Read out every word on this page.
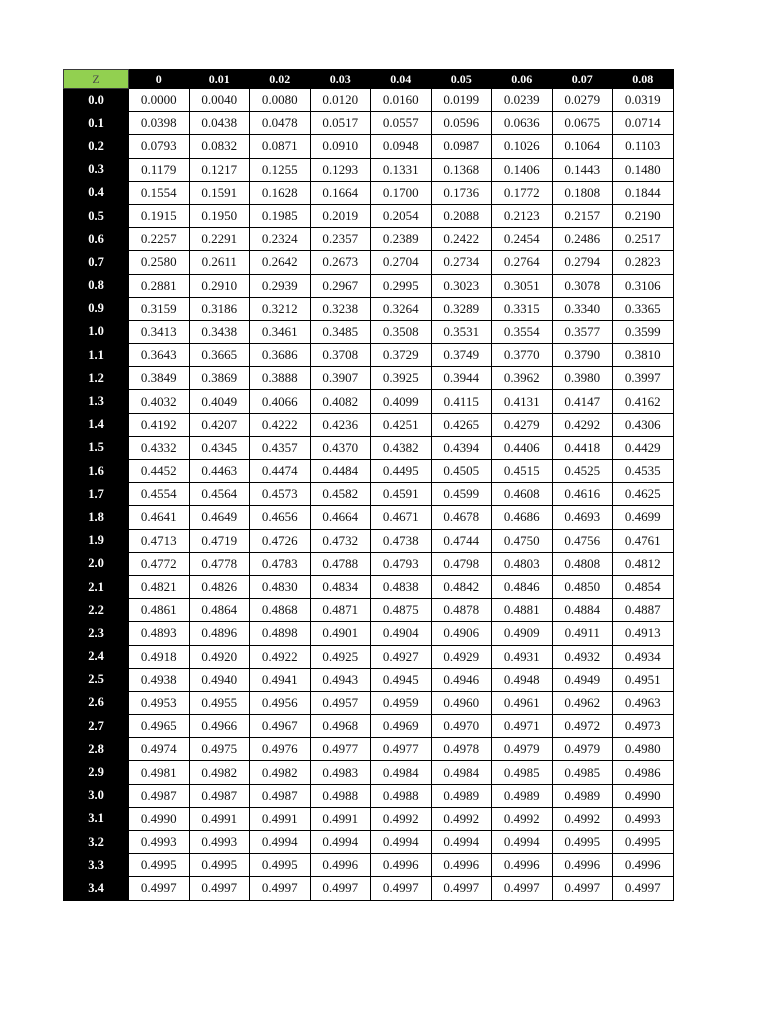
Z	0	0.01	0.02	0.03	0.04	0.05	0.06	0.07	0.08
0.0	0.0000	0.0040	0.0080	0.0120	0.0160	0.0199	0.0239	0.0279	0.0319
0.1	0.0398	0.0438	0.0478	0.0517	0.0557	0.0596	0.0636	0.0675	0.0714
0.2	0.0793	0.0832	0.0871	0.0910	0.0948	0.0987	0.1026	0.1064	0.1103
0.3	0.1179	0.1217	0.1255	0.1293	0.1331	0.1368	0.1406	0.1443	0.1480
0.4	0.1554	0.1591	0.1628	0.1664	0.1700	0.1736	0.1772	0.1808	0.1844
0.5	0.1915	0.1950	0.1985	0.2019	0.2054	0.2088	0.2123	0.2157	0.2190
0.6	0.2257	0.2291	0.2324	0.2357	0.2389	0.2422	0.2454	0.2486	0.2517
0.7	0.2580	0.2611	0.2642	0.2673	0.2704	0.2734	0.2764	0.2794	0.2823
0.8	0.2881	0.2910	0.2939	0.2967	0.2995	0.3023	0.3051	0.3078	0.3106
0.9	0.3159	0.3186	0.3212	0.3238	0.3264	0.3289	0.3315	0.3340	0.3365
1.0	0.3413	0.3438	0.3461	0.3485	0.3508	0.3531	0.3554	0.3577	0.3599
1.1	0.3643	0.3665	0.3686	0.3708	0.3729	0.3749	0.3770	0.3790	0.3810
1.2	0.3849	0.3869	0.3888	0.3907	0.3925	0.3944	0.3962	0.3980	0.3997
1.3	0.4032	0.4049	0.4066	0.4082	0.4099	0.4115	0.4131	0.4147	0.4162
1.4	0.4192	0.4207	0.4222	0.4236	0.4251	0.4265	0.4279	0.4292	0.4306
1.5	0.4332	0.4345	0.4357	0.4370	0.4382	0.4394	0.4406	0.4418	0.4429
1.6	0.4452	0.4463	0.4474	0.4484	0.4495	0.4505	0.4515	0.4525	0.4535
1.7	0.4554	0.4564	0.4573	0.4582	0.4591	0.4599	0.4608	0.4616	0.4625
1.8	0.4641	0.4649	0.4656	0.4664	0.4671	0.4678	0.4686	0.4693	0.4699
1.9	0.4713	0.4719	0.4726	0.4732	0.4738	0.4744	0.4750	0.4756	0.4761
2.0	0.4772	0.4778	0.4783	0.4788	0.4793	0.4798	0.4803	0.4808	0.4812
2.1	0.4821	0.4826	0.4830	0.4834	0.4838	0.4842	0.4846	0.4850	0.4854
2.2	0.4861	0.4864	0.4868	0.4871	0.4875	0.4878	0.4881	0.4884	0.4887
2.3	0.4893	0.4896	0.4898	0.4901	0.4904	0.4906	0.4909	0.4911	0.4913
2.4	0.4918	0.4920	0.4922	0.4925	0.4927	0.4929	0.4931	0.4932	0.4934
2.5	0.4938	0.4940	0.4941	0.4943	0.4945	0.4946	0.4948	0.4949	0.4951
2.6	0.4953	0.4955	0.4956	0.4957	0.4959	0.4960	0.4961	0.4962	0.4963
2.7	0.4965	0.4966	0.4967	0.4968	0.4969	0.4970	0.4971	0.4972	0.4973
2.8	0.4974	0.4975	0.4976	0.4977	0.4977	0.4978	0.4979	0.4979	0.4980
2.9	0.4981	0.4982	0.4982	0.4983	0.4984	0.4984	0.4985	0.4985	0.4986
3.0	0.4987	0.4987	0.4987	0.4988	0.4988	0.4989	0.4989	0.4989	0.4990
3.1	0.4990	0.4991	0.4991	0.4991	0.4992	0.4992	0.4992	0.4992	0.4993
3.2	0.4993	0.4993	0.4994	0.4994	0.4994	0.4994	0.4994	0.4995	0.4995
3.3	0.4995	0.4995	0.4995	0.4996	0.4996	0.4996	0.4996	0.4996	0.4996
3.4	0.4997	0.4997	0.4997	0.4997	0.4997	0.4997	0.4997	0.4997	0.4997
